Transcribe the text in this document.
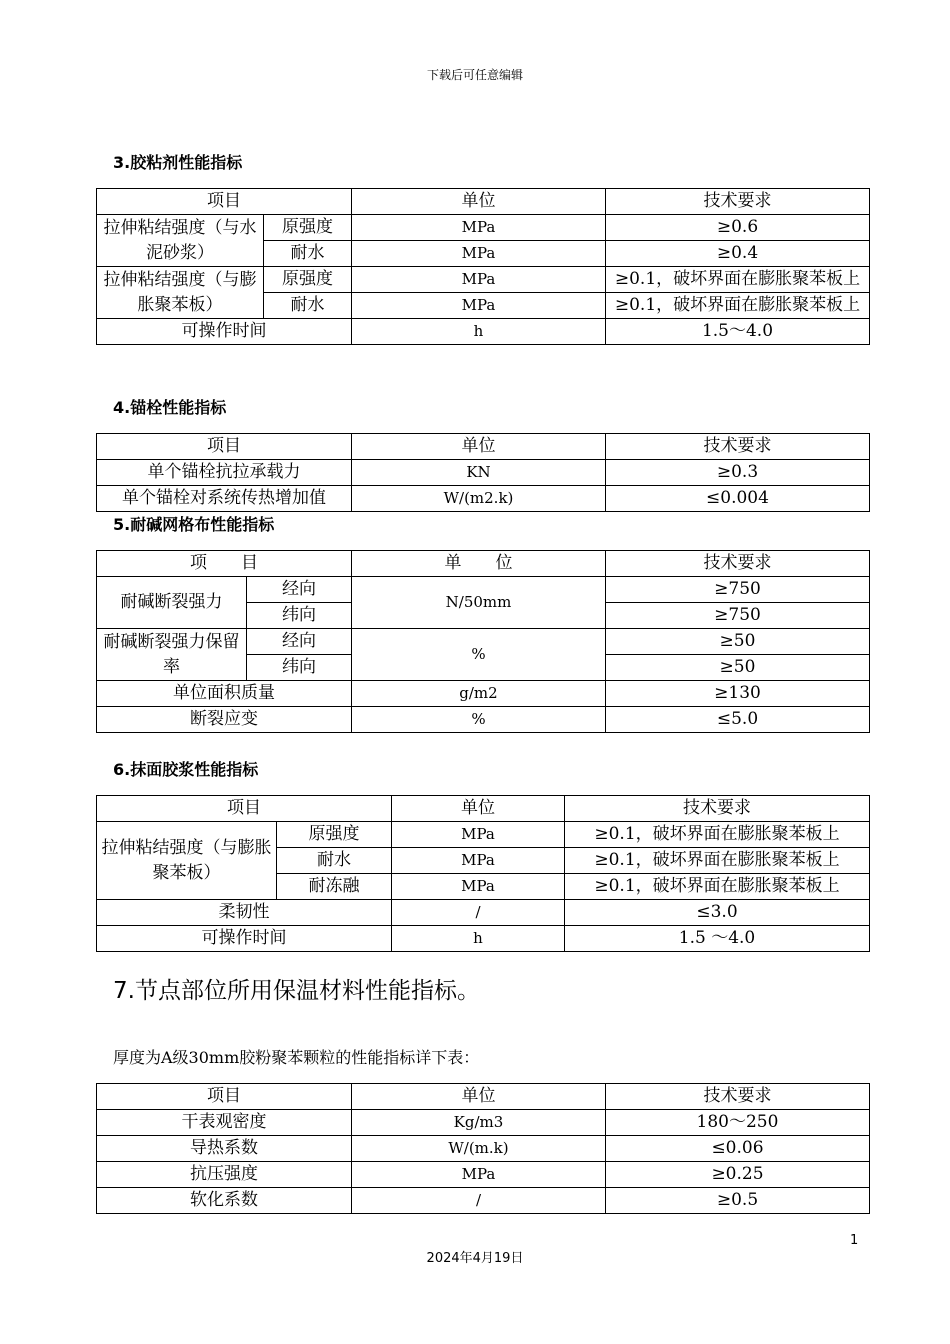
下载后可任意编辑
3.胶粘剂性能指标
项目		单位	技术要求
拉伸粘结强度（与水泥砂浆）	原强度	MPa	≥0.6
	耐水	MPa	≥0.4
拉伸粘结强度（与膨胀聚苯板）	原强度	MPa	≥0.1，破坏界面在膨胀聚苯板上
	耐水	MPa	≥0.1，破坏界面在膨胀聚苯板上
可操作时间		h	1.5～4.0
4.锚栓性能指标
项目	单位	技术要求
单个锚栓抗拉承载力	KN	≥0.3
单个锚栓对系统传热增加值	W/(m2.k)	≤0.004
5.耐碱网格布性能指标
项　　目		单　　位	技术要求
耐碱断裂强力	经向	N/50mm	≥750
	纬向		≥750
耐碱断裂强力保留率	经向	%	≥50
	纬向		≥50
单位面积质量		g/m2	≥130
断裂应变		%	≤5.0
6.抹面胶浆性能指标
项目		单位	技术要求
拉伸粘结强度（与膨胀聚苯板）	原强度	MPa	≥0.1，破坏界面在膨胀聚苯板上
	耐水	MPa	≥0.1，破坏界面在膨胀聚苯板上
	耐冻融	MPa	≥0.1，破坏界面在膨胀聚苯板上
柔韧性		/	≤3.0
可操作时间		h	1.5 ～4.0
7.节点部位所用保温材料性能指标。
厚度为A级30mm胶粉聚苯颗粒的性能指标详下表：
项目	单位	技术要求
干表观密度	Kg/m3	180～250
导热系数	W/(m.k)	≤0.06
抗压强度	MPa	≥0.25
软化系数	/	≥0.5
1
2024年4月19日
